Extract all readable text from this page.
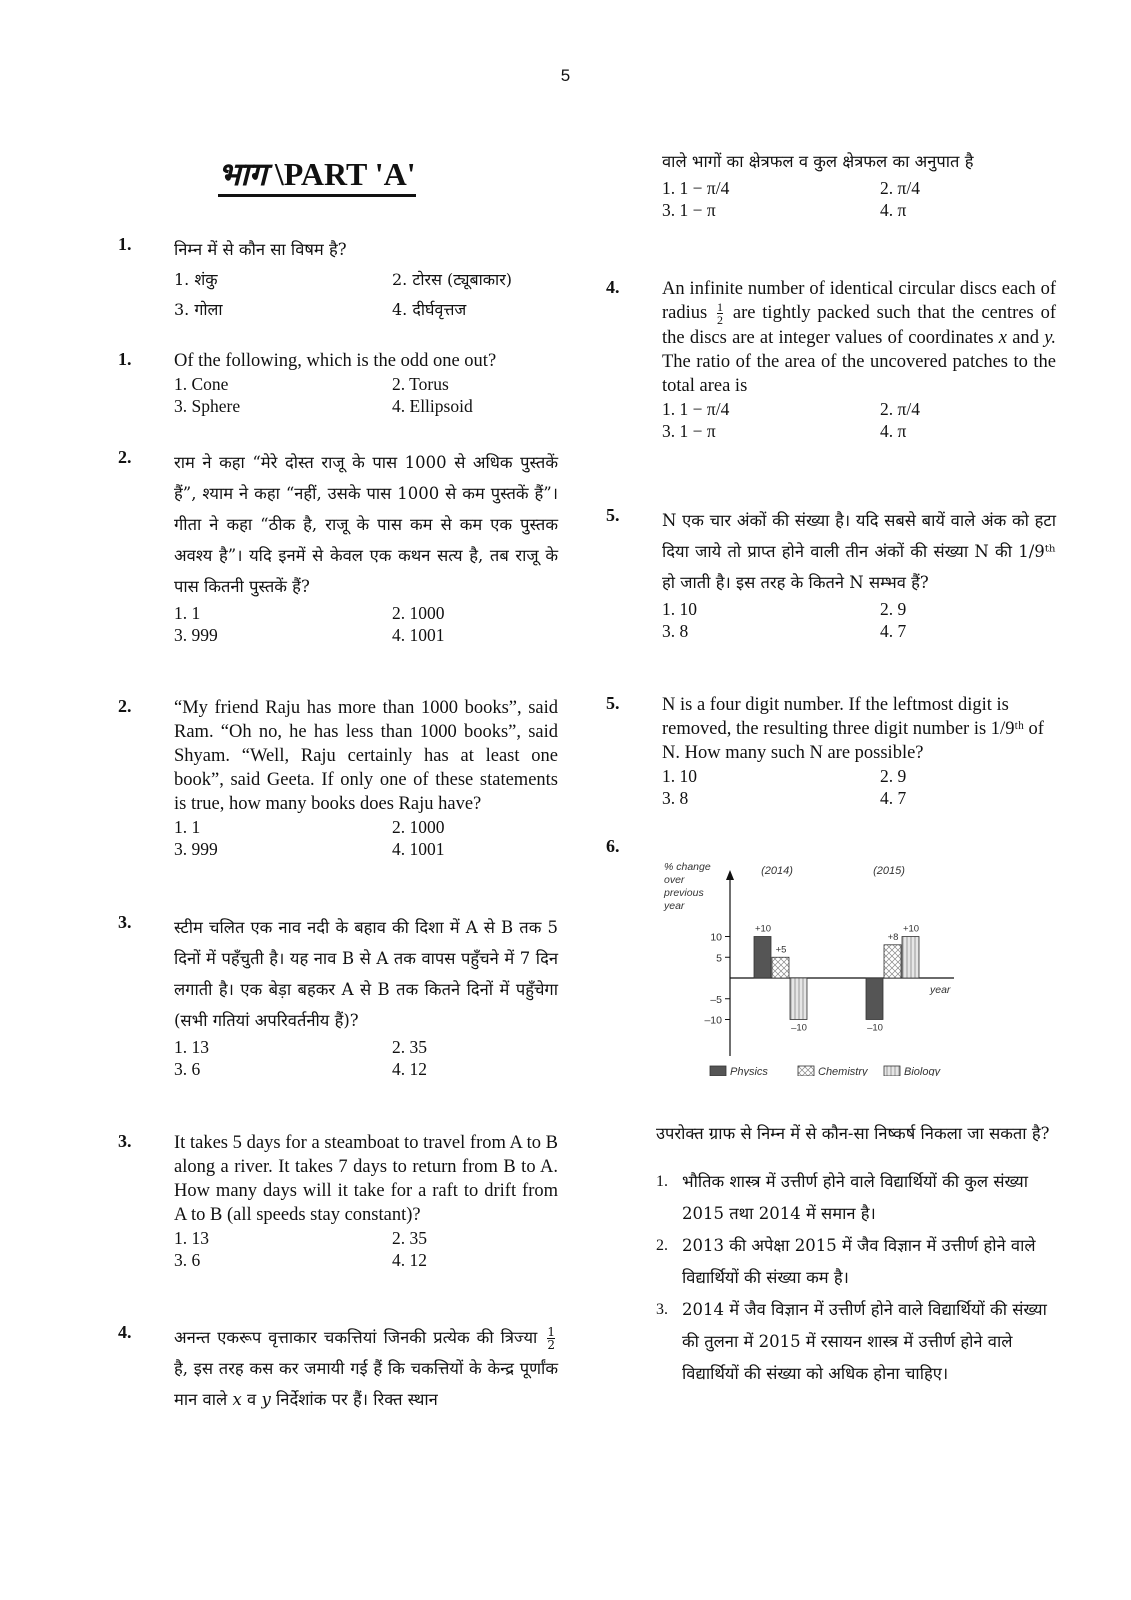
5
भाग \PART 'A'
1.	निम्न में से कौन सा विषम है?
1. शंकु	2. टोरस (ट्यूबाकार)
3. गोला	4. दीर्घवृत्तज
1. Of the following, which is the odd one out?
1. Cone	2. Torus
3. Sphere	4. Ellipsoid
2.	राम ने कहा “मेरे दोस्त राजू के पास 1000 से अधिक पुस्तकें हैं”, श्याम ने कहा “नहीं, उसके पास 1000 से कम पुस्तकें हैं”। गीता ने कहा “ठीक है, राजू के पास कम से कम एक पुस्तक अवश्य है”। यदि इनमें से केवल एक कथन सत्य है, तब राजू के पास कितनी पुस्तकें हैं?
1. 1	2. 1000
3. 999	4. 1001
2. “My friend Raju has more than 1000 books”, said Ram. “Oh no, he has less than 1000 books”, said Shyam. “Well, Raju certainly has at least one book”, said Geeta. If only one of these statements is true, how many books does Raju have?
1. 1	2. 1000
3. 999	4. 1001
3.	स्टीम चलित एक नाव नदी के बहाव की दिशा में A से B तक 5 दिनों में पहँचुती है। यह नाव B से A तक वापस पहुँचने में 7 दिन लगाती है। एक बेड़ा बहकर A से B तक कितने दिनों में पहुँचेगा (सभी गतियां अपरिवर्तनीय हैं)?
1. 13	2. 35
3. 6	4. 12
3. It takes 5 days for a steamboat to travel from A to B along a river. It takes 7 days to return from B to A. How many days will it take for a raft to drift from A to B (all speeds stay constant)?
1. 13	2. 35
3. 6	4. 12
4.	अनन्त एकरूप वृत्ताकार चकत्तियां जिनकी प्रत्येक की त्रिज्या $\frac{1}{2}$
है, इस तरह कस कर जमायी गई हैं कि चकत्तियों के केन्द्र पूर्णांक मान वाले x व y निर्देशांक पर हैं। रिक्त स्थान
वाले भागों का क्षेत्रफल व कुल क्षेत्रफल का अनुपात है
1. 1 − π/4	2. π/4
3. 1 − π	4. π
4. An infinite number of identical circular discs each of radius $\frac{1}{2}$ are tightly packed such that the centres of the discs are at integer values of coordinates x and y. The ratio of the area of the uncovered patches to the total area is
1. 1 − π/4	2. π/4
3. 1 − π	4. π
5.	N एक चार अंकों की संख्या है। यदि सबसे बायें वाले अंक को हटा दिया जाये तो प्राप्त होने वाली तीन अंकों की संख्या N की 1/9ᵗʰ हो जाती है। इस तरह के कितने N सम्भव हैं?
1. 10	2. 9
3. 8	4. 7
5. N is a four digit number. If the leftmost digit is removed, the resulting three digit number is 1/9ᵗʰ of N. How many such N are possible?
1. 10	2. 9
3. 8	4. 7
6.
% change
over
previous
year
year
10
5
–5
–10
(2014)
+10
+5
–10
(2015)
–10
+8
+10
Physics	Chemistry	Biology
उपरोक्त ग्राफ से निम्न में से कौन-सा निष्कर्ष निकला जा सकता है?
1. भौतिक शास्त्र में उत्तीर्ण होने वाले विद्यार्थियों की कुल संख्या 2015 तथा 2014 में समान है।
2. 2013 की अपेक्षा 2015 में जैव विज्ञान में उत्तीर्ण होने वाले विद्यार्थियों की संख्या कम है।
3. 2014 में जैव विज्ञान में उत्तीर्ण होने वाले विद्यार्थियों की संख्या की तुलना में 2015 में रसायन शास्त्र में उत्तीर्ण होने वाले विद्यार्थियों की संख्या को अधिक होना चाहिए।
